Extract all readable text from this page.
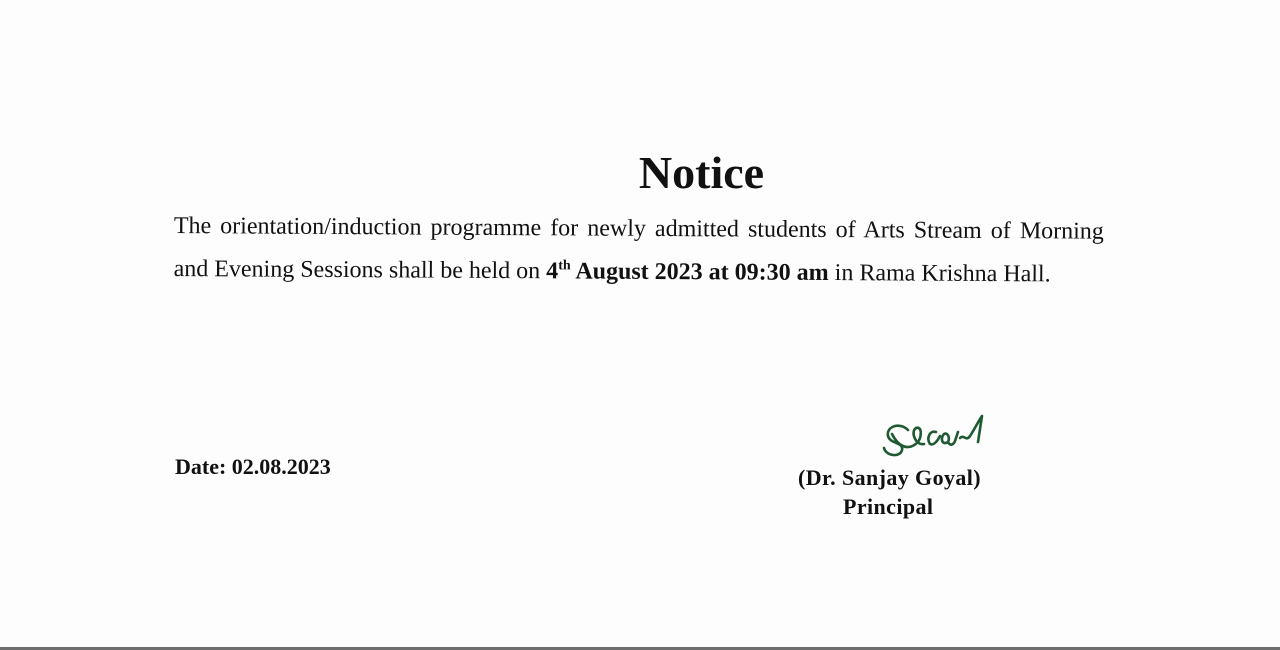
Notice

The orientation/induction programme for newly admitted students of Arts Stream of Morning and Evening Sessions shall be held on 4th August 2023 at 09:30 am in Rama Krishna Hall.

Date: 02.08.2023	(Dr. Sanjay Goyal)

Principal
